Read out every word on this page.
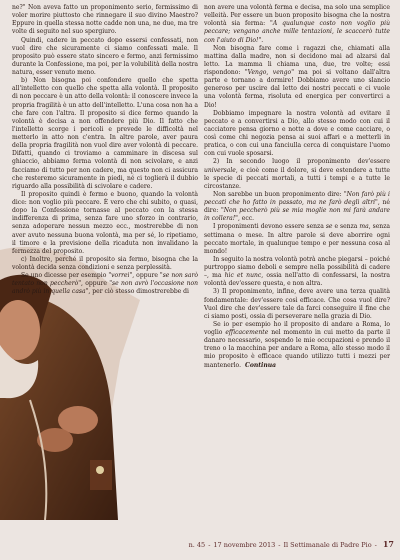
ne?" Non aveva fatto un proponimento serio, fermissimo di voler morire piuttosto che rinnegare il suo divino Maestro? Eppure in quella stessa notte cadde non una, ne due, ma tre volte di seguito nel suo spergiuro.

Quindi, cadere in peccato dopo essersi confessati, non vuol dire che sicuramente ci siamo confessati male. Il proposito può essere stato sincero e fermo, anzi fermissimo durante la Confessione, ma poi, per la volubilità della nostra natura, esser venuto meno.

b) Non bisogna poi confondere quello che spetta all'intelletto con quello che spetta alla volontà. Il proposito di non peccare è un atto della volontà: il conoscere invece la propria fragilità è un atto dell'intelletto. L'una cosa non ha a che fare con l'altra. Il proposito si dice fermo quando la volontà è decisa a non offendere più Dio. Il fatto che l'intelletto scorge i pericoli e prevede le difficoltà nel metterlo in atto non c'entra. In altre parole, aver paura della propria fragilità non vuol dire aver volontà di peccare. Difatti, quando ci troviamo a camminare in discesa sul ghiaccio, abbiamo ferma volontà di non scivolare, e anzi facciamo di tutto per non cadere, ma questo non ci assicura che resteremo sicuramente in piedi, né ci toglierà il dubbio riguardo alla possibilità di scivolare e cadere.

Il proposito quindi è fermo e buono, quando la volontà dice: non voglio più peccare. È vero che chi subito, o quasi, dopo la Confessione tornasse al peccato con la stessa indifferenza di prima, senza fare uno sforzo in contrario, senza adoperare nessun mezzo ecc., mostrerebbe di non aver avuto nessuna buona volontà, ma per sé, lo ripetiamo, il timore e la previsione della ricaduta non invalidano la fermezza del proposito.

c) Inoltre, perché il proposito sia fermo, bisogna che la volontà decida senza condizioni e senza perplessità.

Se uno dicesse per esempio "vorrei", oppure "se non sarò tentato non peccherò", oppure "se non avrò l'occasione non andrò più in quella casa", per ciò stesso dimostrerebbe di

non avere una volontà ferma e decisa, ma solo una semplice velleità. Per essere un buon proposito bisogna che la nostra volontà sia ferma: "A qualunque costo non voglio più peccare; vengano anche mille tentazioni, le scaccerò tutte con l'aiuto di Dio!".

Non bisogna fare come i ragazzi che, chiamati alla mattina dalla madre, non si decidono mai ad alzarsi dal letto. La mamma li chiama una, due, tre volte; essi rispondono: "Vengo, vengo" ma poi si voltano dall'altra parte e tornano a dormire! Dobbiamo avere uno slancio generoso per uscire dal letto dei nostri peccati e ci vuole una volontà ferma, risoluta ed energica per convertirci a Dio!

Dobbiamo impegnare la nostra volontà ad evitare il peccato e a convertirsi a Dio, allo stesso modo con cui il cacciatore pensa giorno e notte a dove e come cacciare, o così come chi negozia pensa ai suoi affari e a metterli in pratica, o con cui una fanciulla cerca di conquistare l'uomo con cui vuole sposarsi.

2) In secondo luogo il proponimento dev'essere universale, e cioè come il dolore, si deve estendere a tutte le specie di peccati mortali, a tutti i tempi e a tutte le circostanze.

Non sarebbe un buon proponimento dire: "Non farò più i peccati che ho fatto in passato, ma ne farò degli altri", né dire: "Non peccherò più se mia moglie non mi farà andare in collera!", ecc.

I proponimenti devono essere senza se e senza ma, senza settimana o mese. In altre parole si deve aborrire ogni peccato mortale, in qualunque tempo e per nessuna cosa al mondo!

In seguito la nostra volontà potrà anche piegarsi – poiché purtroppo siamo deboli e sempre nella possibilità di cadere –, ma hic et nunc, ossia nell'atto di confessarsi, la nostra volontà dev'essere questa, e non altra.

3) Il proponimento, infine, deve avere una terza qualità fondamentale: dev'essere così efficace. Che cosa vuol dire? Vuol dire che dev'essere tale da farci conseguire il fine che ci siamo posti, ossia di perseverare nella grazia di Dio.

Se io per esempio ho il proposito di andare a Roma, lo voglio efficacemente nel momento in cui metto da parte il danaro necessario, sospendo le mie occupazioni e prendo il treno o la macchina per andare a Roma, allo stesso modo il mio proposito è efficace quando utilizzo tutti i mezzi per mantenerlo. Continua

n. 45 - 17 novembre 2013 - Il Settimanale di Padre Pio - 17
